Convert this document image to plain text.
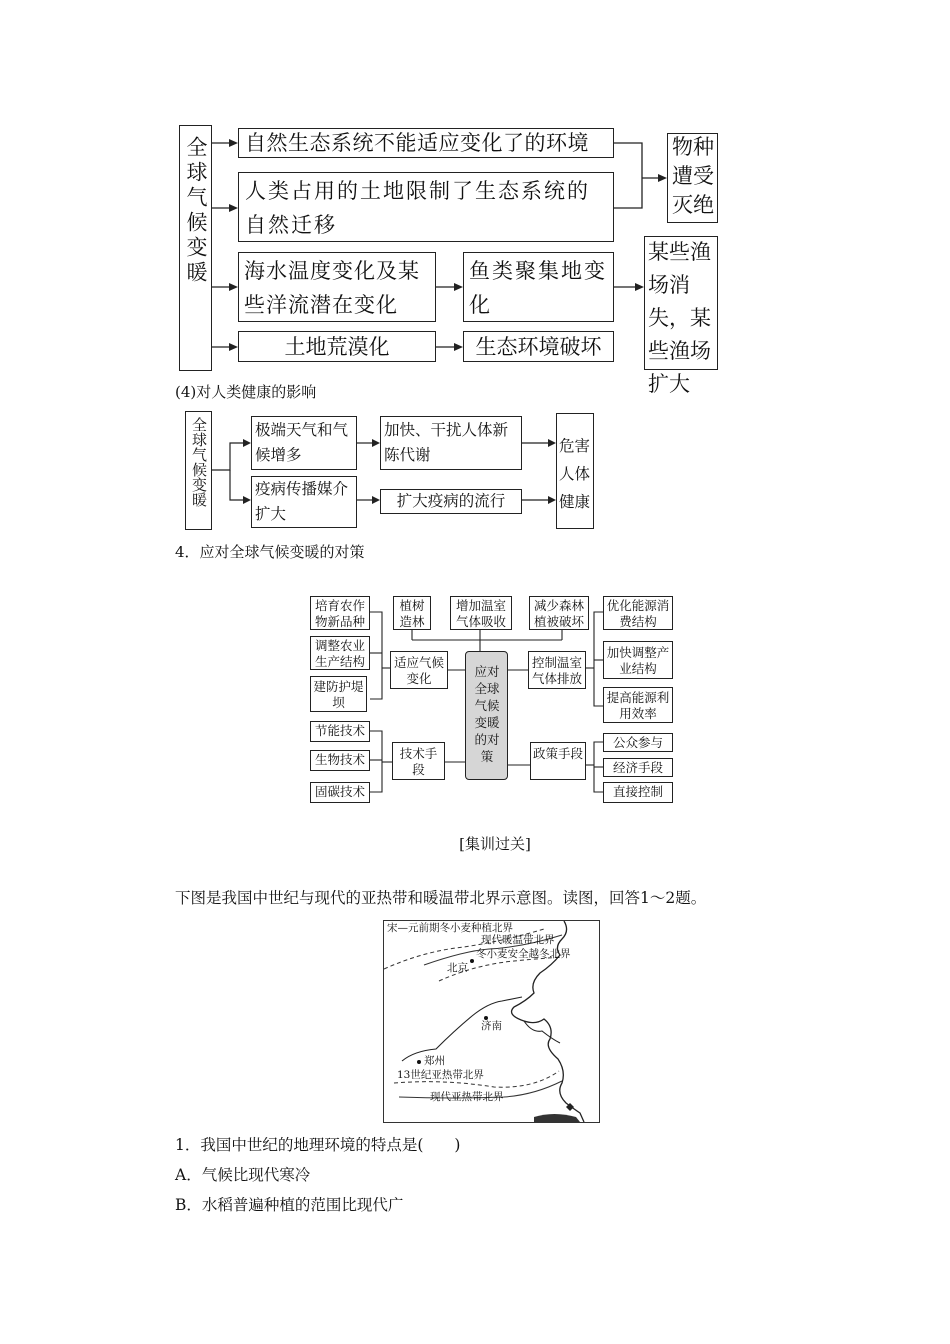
全球气候变暖 自然生态系统不能适应变化了的环境
人类占用的土地限制了生态系统的自然迁移
物种遭受灭绝
海水温度变化及某些洋流潜在变化
鱼类聚集地变化
某些渔场消失，某些渔场扩大
土地荒漠化	生态环境破坏
(4)对人类健康的影响
全球气候变暖	极端天气和气候增多
加快、干扰人体新陈代谢
疫病传播媒介扩大
扩大疫病的流行
危害人体健康
4．应对全球气候变暖的对策
培育农作物新品种
调整农业生产结构
建防护堤坝
植树造林
增加温室气体吸收
减少森林植被破坏
适应气候变化	应对全球气候变暖的对策
控制温室气体排放
优化能源消费结构
加快调整产业结构
提高能源利用效率
节能技术
生物技术
固碳技术
技术手段
政策手段
公众参与
经济手段
直接控制
[集训过关]
下图是我国中世纪与现代的亚热带和暖温带北界示意图。读图，回答1～2题。
宋—元前期冬小麦种植北界
现代暖温带北界
冬小麦安全越冬北界
北京
济南
郑州
13世纪亚热带北界
现代亚热带北界
1．我国中世纪的地理环境的特点是(　　)
A．气候比现代寒冷
B．水稻普遍种植的范围比现代广
